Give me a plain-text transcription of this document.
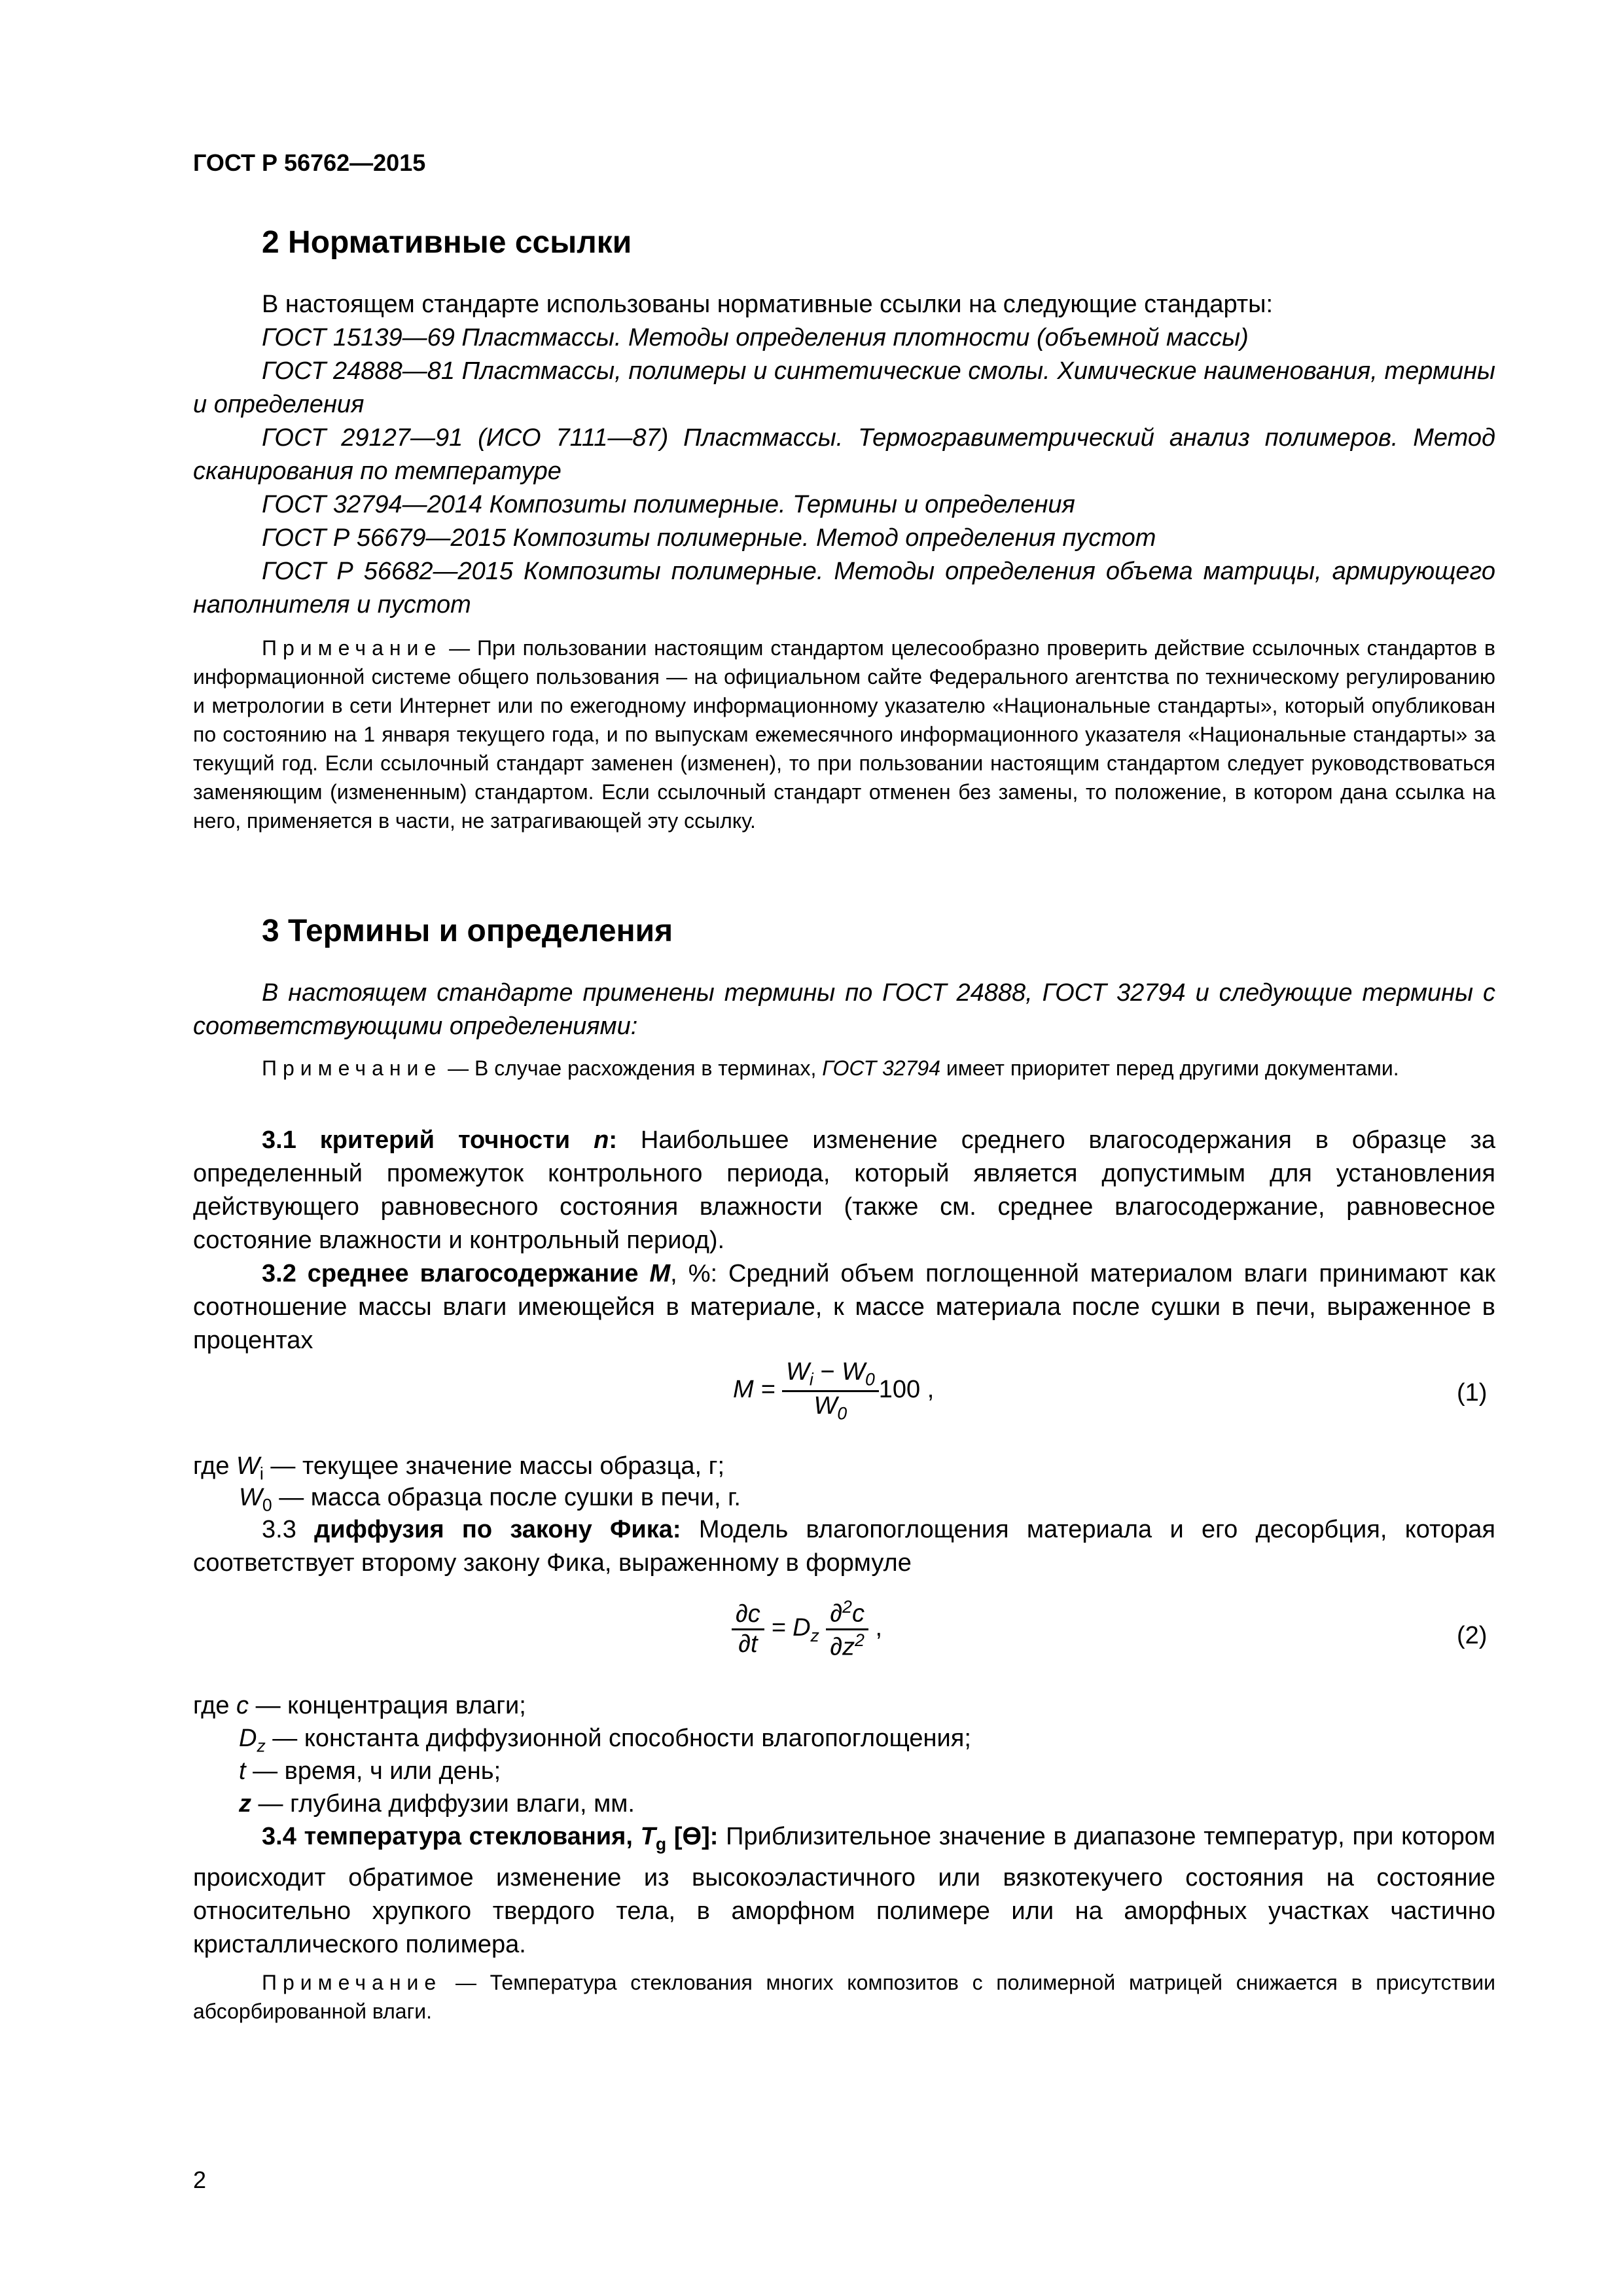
ГОСТ Р 56762—2015
2 Нормативные ссылки

В настоящем стандарте использованы нормативные ссылки на следующие стандарты:

ГОСТ 15139—69 Пластмассы. Методы определения плотности (объемной массы)

ГОСТ 24888—81 Пластмассы, полимеры и синтетические смолы. Химические наименования, термины и определения

ГОСТ 29127—91 (ИСО 7111—87) Пластмассы. Термогравиметрический анализ полимеров. Метод сканирования по температуре

ГОСТ 32794—2014 Композиты полимерные. Термины и определения

ГОСТ Р 56679—2015 Композиты полимерные. Метод определения пустот

ГОСТ Р 56682—2015 Композиты полимерные. Методы определения объема матрицы, армирующего наполнителя и пустот

Примечание — При пользовании настоящим стандартом целесообразно проверить действие ссылочных стандартов в информационной системе общего пользования — на официальном сайте Федерального агентства по техническому регулированию и метрологии в сети Интернет или по ежегодному информационному указателю «Национальные стандарты», который опубликован по состоянию на 1 января текущего года, и по выпускам ежемесячного информационного указателя «Национальные стандарты» за текущий год. Если ссылочный стандарт заменен (изменен), то при пользовании настоящим стандартом следует руководствоваться заменяющим (измененным) стандартом. Если ссылочный стандарт отменен без замены, то положение, в котором дана ссылка на него, применяется в части, не затрагивающей эту ссылку.
3 Термины и определения
В настоящем стандарте применены термины по ГОСТ 24888, ГОСТ 32794 и следующие термины с соответствующими определениями:
Примечание — В случае расхождения в терминах, ГОСТ 32794 имеет приоритет перед другими документами.

3.1 критерий точности n: Наибольшее изменение среднего влагосодержания в образце за определенный промежуток контрольного периода, который является допустимым для установления действующего равновесного состояния влажности (также см. среднее влагосодержание, равновесное состояние влажности и контрольный период).

3.2 среднее влагосодержание M, %: Средний объем поглощенной материалом влаги принимают как соотношение массы влаги имеющейся в материале, к массе материала после сушки в печи, выраженное в процентах

$M = \frac{W_i - W_0}{W_0} 100$ ,	(1)
где $W_i$ — текущее значение массы образца, г;
$W_0$ — масса образца после сушки в печи, г.

3.3 диффузия по закону Фика: Модель влагопоглощения материала и его десорбция, которая соответствует второму закону Фика, выраженному в формуле

$\frac{\partial c}{\partial t} = D_z \frac{\partial^2c}{\partial z^2}$ ,	(2)
где c — концентрация влаги;
$D_z$ — константа диффузионной способности влагопоглощения;
t — время, ч или день;
z — глубина диффузии влаги, мм.

3.4 температура стеклования, $T_g$ [ϴ]: Приблизительное значение в диапазоне температур, при котором происходит обратимое изменение из высокоэластичного или вязкотекучего состояния на состояние относительно хрупкого твердого тела, в аморфном полимере или на аморфных участках частично кристаллического полимера.

Примечание — Температура стеклования многих композитов с полимерной матрицей снижается в присутствии абсорбированной влаги.
2
